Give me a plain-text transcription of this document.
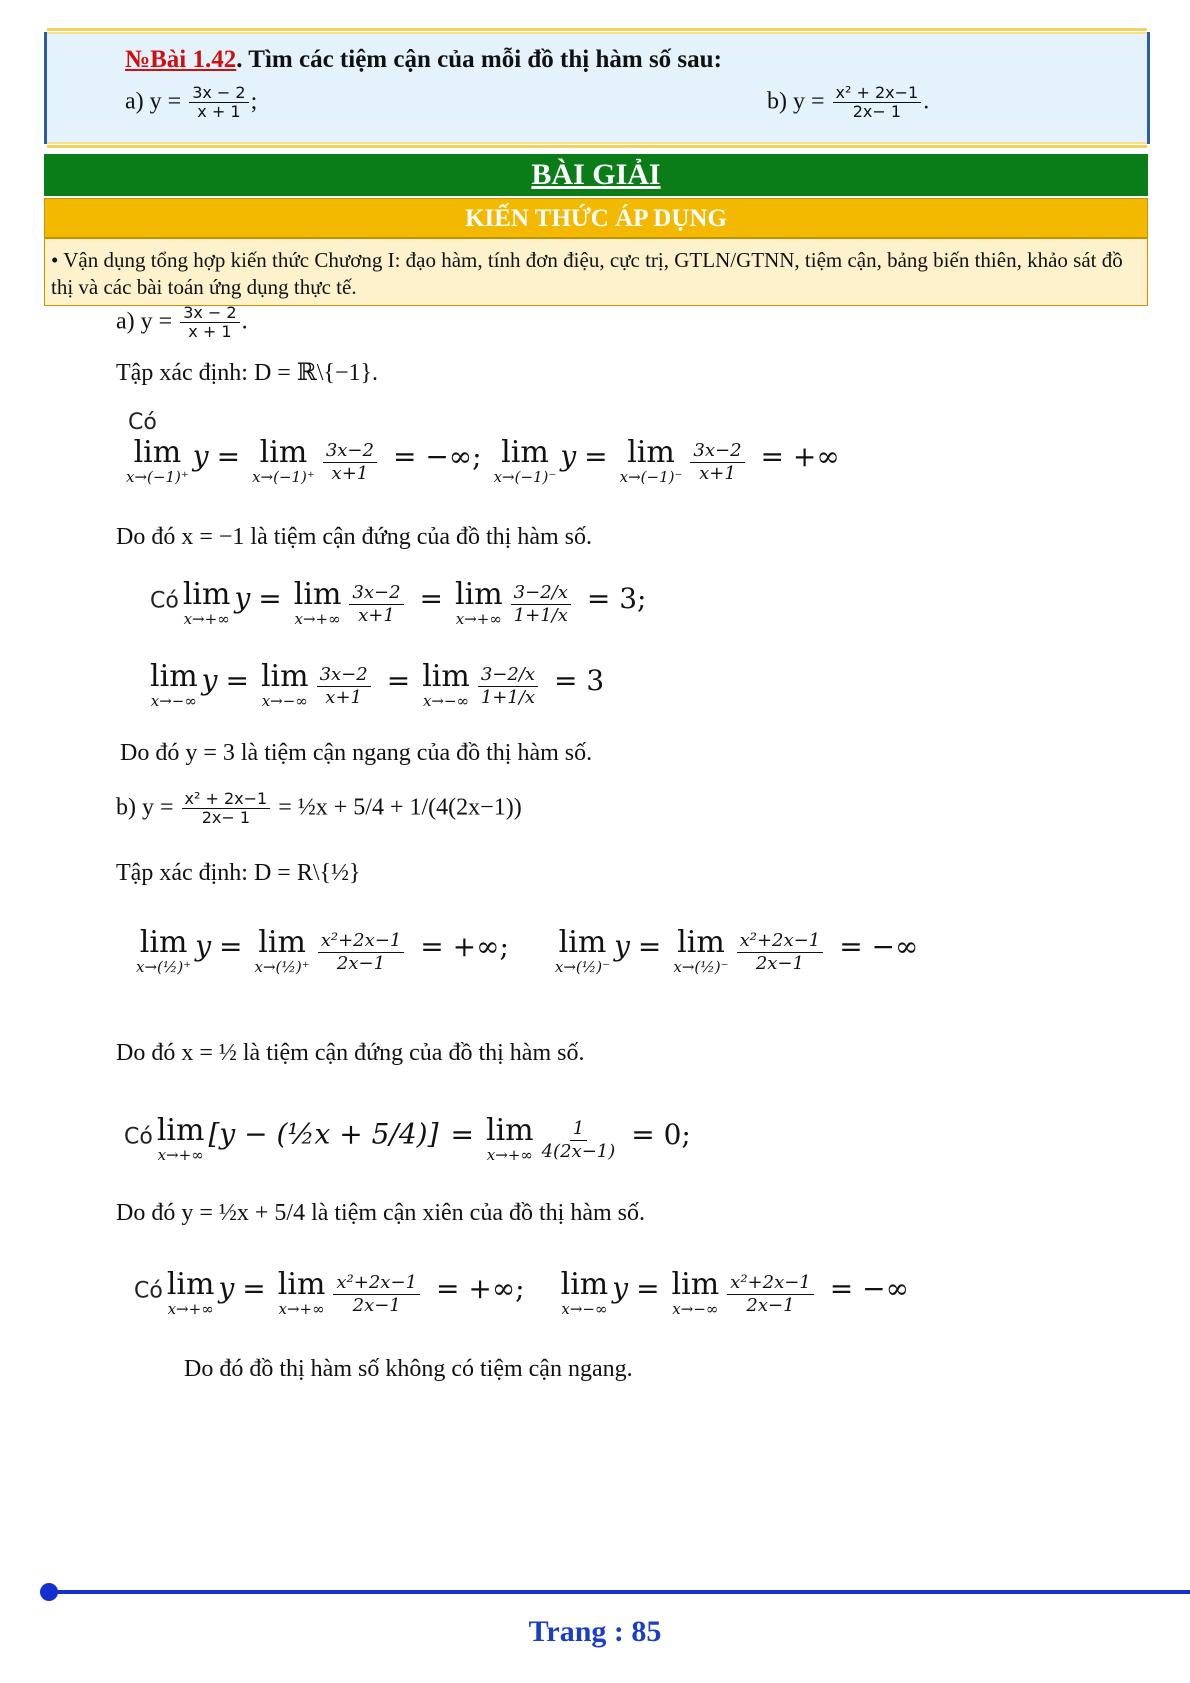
№Bài 1.42. Tìm các tiệm cận của mỗi đồ thị hàm số sau:
a) $y = \frac{3x - 2}{x + 1}$ ;	b) $y = \frac{\text{x² + 2x−1}}{2x- 1}$ .
BÀI GIẢI
KIẾN THỨC ÁP DỤNG
• Vận dụng tổng hợp kiến thức Chương I: đạo hàm, tính đơn điệu, cực trị, GTLN/GTNN, tiệm cận, bảng biến thiên, khảo sát đồ thị và các bài toán ứng dụng thực tế.
a) $y = \frac{3x - 2}{x + 1}$ .
Tập xác định: D = ℝ\{−1}.
Có
lim
x→(−1)⁺
y = lim
x→(−1)⁺
$\frac{3x-2}{x+1}$ = −∞; lim
x→(−1)⁻
y = lim
x→(−1)⁻
$\frac{3x-2}{x+1}$ = +∞
Do đó x = −1 là tiệm cận đứng của đồ thị hàm số.
Có lim
x→+∞
y = lim
x→+∞
$\frac{3x-2}{x+1} = \lim$
x→+∞
$\frac{3-2/x}{1+1/x} = 3$;
lim
x→−∞
y = lim
x→−∞
$\frac{3x-2}{x+1} = \lim$
x→−∞
$\frac{3-2/x}{1+1/x} = 3$
Do đó y = 3 là tiệm cận ngang của đồ thị hàm số.
b) $y = \frac{\text{x² + 2x−1}}{2x- 1}$ = ½x + 5/4 + 1/(4(2x−1))
Tập xác định: D = R\{½}
lim
x→(½)⁺
y = lim
x→(½)⁺
$\frac{\text{x²+2x−1}}{2x-1}$ = +∞; lim
x→(½)⁻
y = lim
x→(½)⁻
$\frac{\text{x²+2x−1}}{2x-1}$ = −∞
Do đó x = ½ là tiệm cận đứng của đồ thị hàm số.
Có lim
x→+∞
[y − (½x + 5/4)] = lim
x→+∞
$\frac{1}{4(2x-1)} = 0$;
Do đó y = ½x + 5/4 là tiệm cận xiên của đồ thị hàm số.
Có lim
x→+∞
y = lim
x→+∞
$\frac{\text{x²+2x−1}}{2x-1}$ = +∞; lim
x→−∞
y = lim
x→−∞
$\frac{\text{x²+2x−1}}{2x-1}$ = −∞
Do đó đồ thị hàm số không có tiệm cận ngang.
Trang : 85
